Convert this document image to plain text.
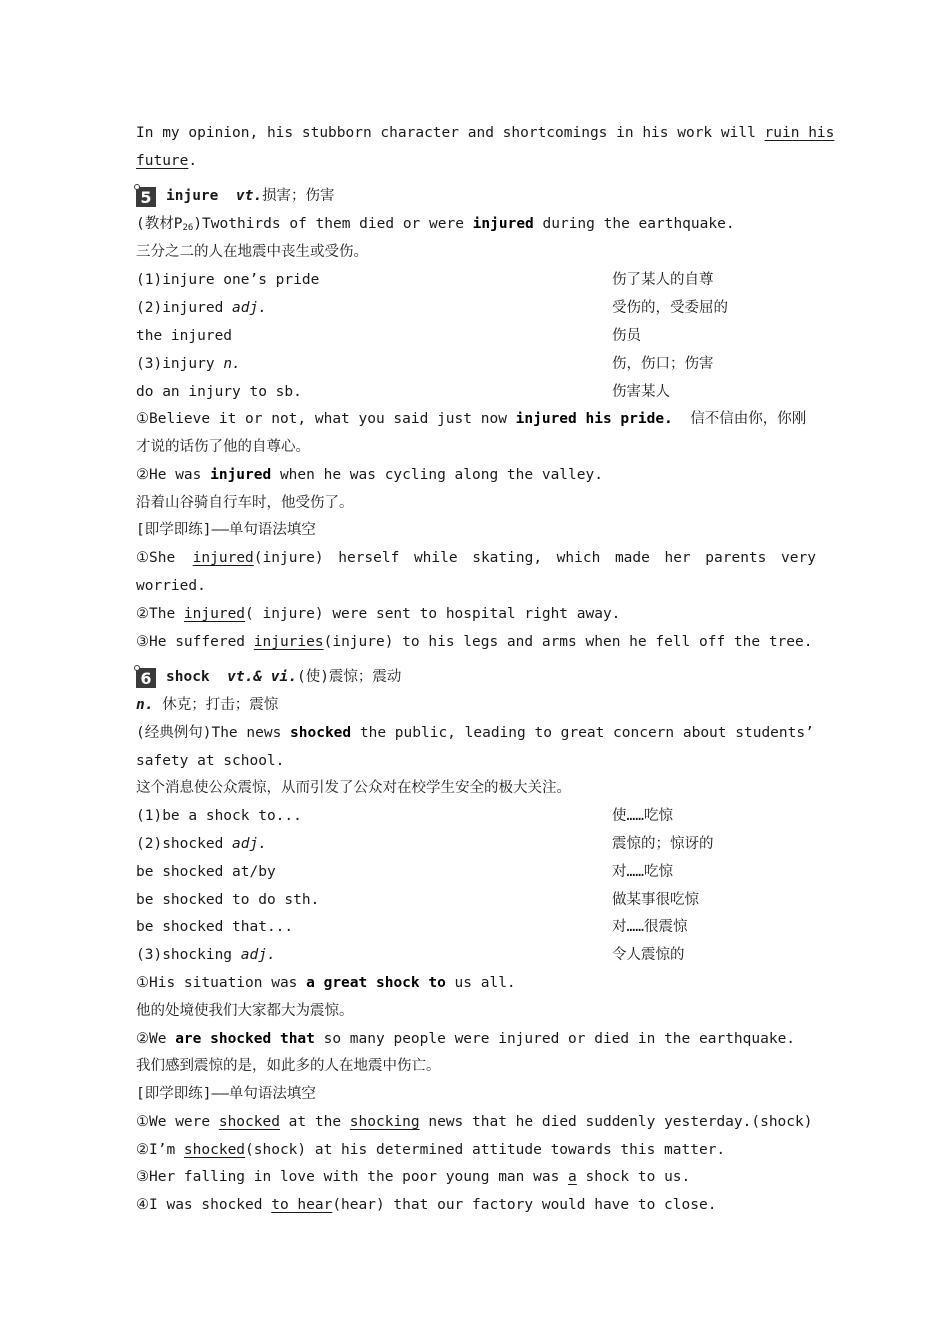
In my opinion, his stubborn character and shortcomings in his work will ruin his
future.
5 injure vt.损害；伤害
(教材$P_{26})Twothirds$ of them died or were injured during the earthquake.
三分之二的人在地震中丧生或受伤。
(1)injure one’s pride	伤了某人的自尊
(2)injured adj.	受伤的，受委屈的
the injured	伤员
(3)injury n.	伤，伤口；伤害
do an injury to sb.	伤害某人
①Believe it or not, what you said just now injured his pride.  信不信由你，你刚
才说的话伤了他的自尊心。
②He was injured when he was cycling along the valley.
沿着山谷骑自行车时，他受伤了。
[即学即练]——单句语法填空
①She injured(injure) herself while skating, which made her parents very
worried.
②The injured( injure) were sent to hospital right away.
③He suffered injuries(injure) to his legs and arms when he fell off the tree.
6 shock vt.& vi.(使)震惊；震动
n. 休克；打击；震惊
(经典例句)The news shocked the public, leading to great concern about students’
safety at school.
这个消息使公众震惊，从而引发了公众对在校学生安全的极大关注。
(1)be a shock to...	使……吃惊
(2)shocked adj.	震惊的；惊讶的
be shocked at/by	对……吃惊
be shocked to do sth.	做某事很吃惊
be shocked that...	对……很震惊
(3)shocking adj.	令人震惊的
①His situation was a great shock to us all.
他的处境使我们大家都大为震惊。
②We are shocked that so many people were injured or died in the earthquake.
我们感到震惊的是，如此多的人在地震中伤亡。
[即学即练]——单句语法填空
①We were shocked at the shocking news that he died suddenly yesterday.(shock)
②I’m shocked(shock) at his determined attitude towards this matter.
③Her falling in love with the poor young man was a shock to us.
④I was shocked to hear(hear) that our factory would have to close.
